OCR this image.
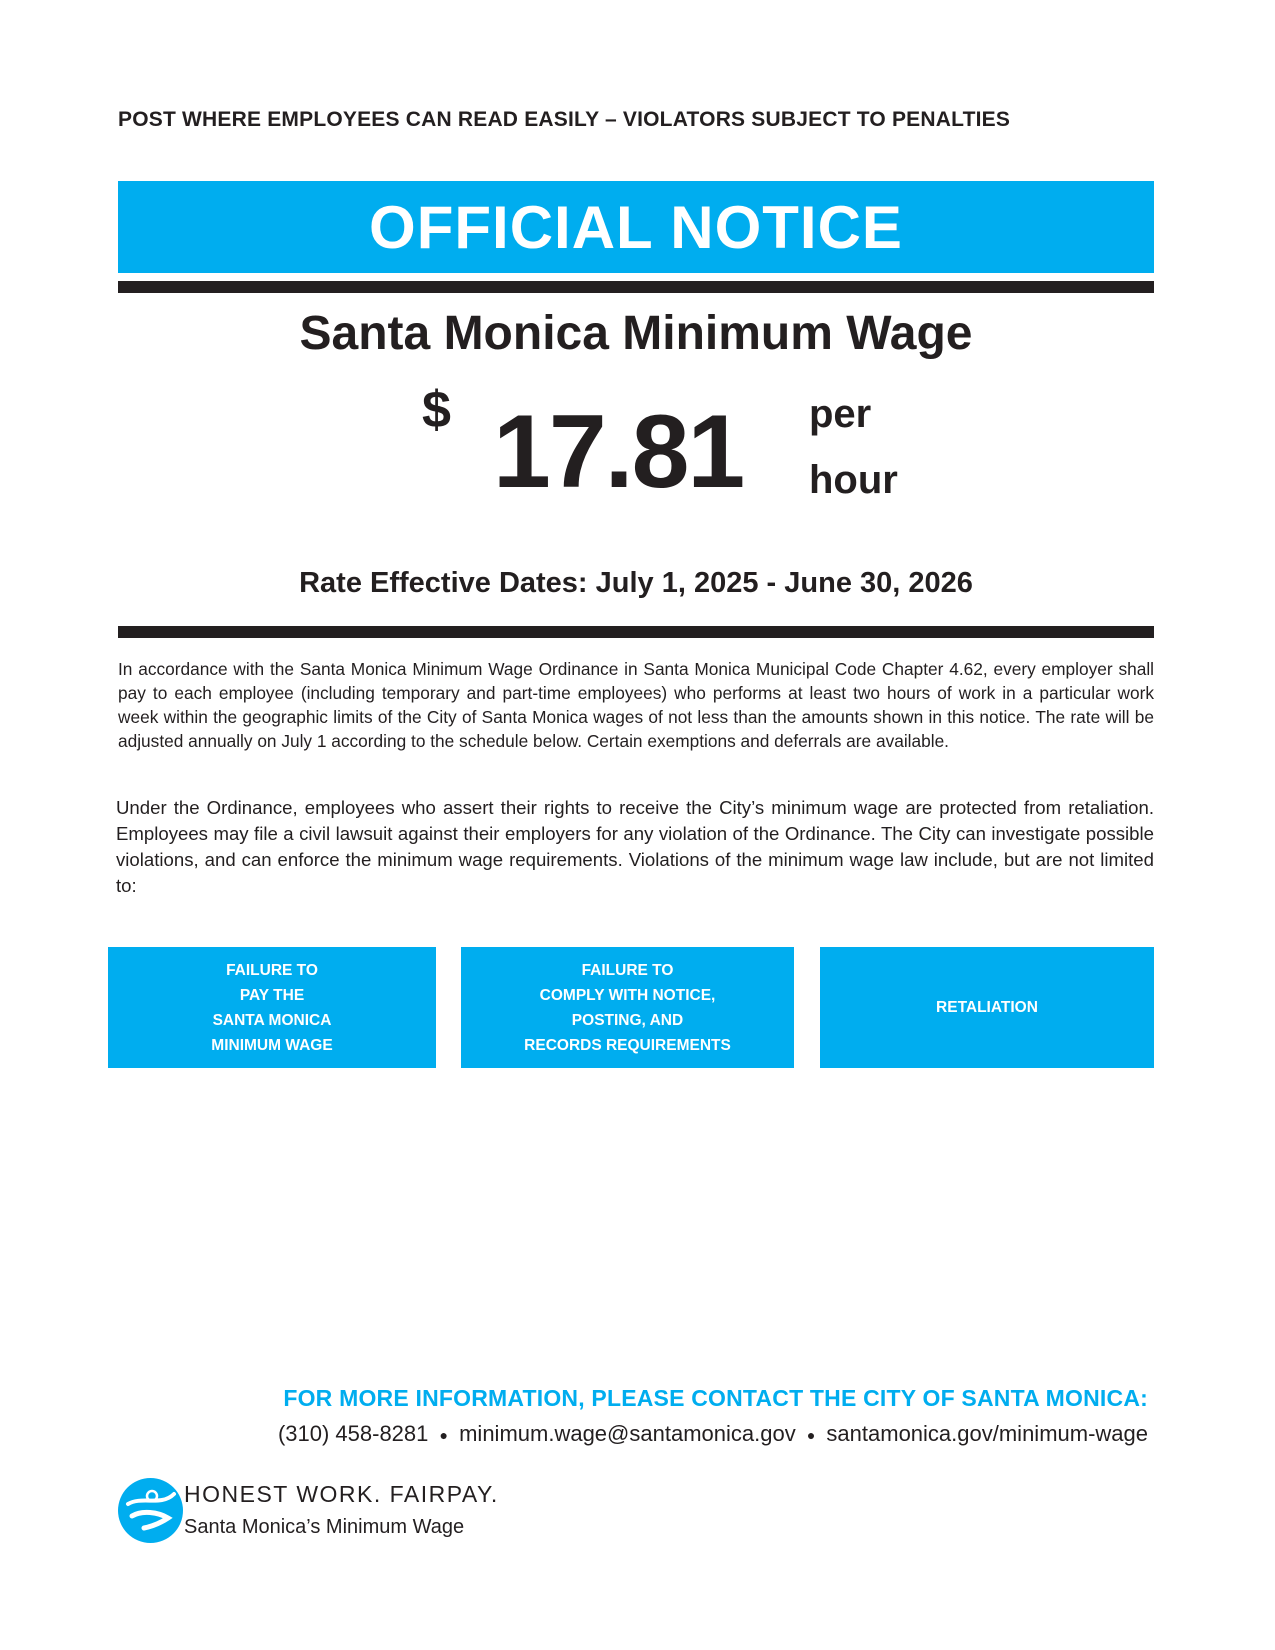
POST WHERE EMPLOYEES CAN READ EASILY – VIOLATORS SUBJECT TO PENALTIES
OFFICIAL NOTICE
Santa Monica Minimum Wage
$ 17.81 per
hour
Rate Effective Dates: July 1, 2025 - June 30, 2026
In accordance with the Santa Monica Minimum Wage Ordinance in Santa Monica Municipal Code Chapter 4.62, every employer shall pay to each employee (including temporary and part-time employees) who performs at least two hours of work in a particular work week within the geographic limits of the City of Santa Monica wages of not less than the amounts shown in this notice. The rate will be adjusted annually on July 1 according to the schedule below. Certain exemptions and deferrals are available.
Under the Ordinance, employees who assert their rights to receive the City’s minimum wage are protected from retaliation. Employees may file a civil lawsuit against their employers for any violation of the Ordinance. The City can investigate possible violations, and can enforce the minimum wage requirements. Violations of the minimum wage law include, but are not limited to:
FAILURE TO
PAY THE
SANTA MONICA
MINIMUM WAGE
FAILURE TO
COMPLY WITH NOTICE,
POSTING, AND
RECORDS REQUIREMENTS
RETALIATION
FOR MORE INFORMATION, PLEASE CONTACT THE CITY OF SANTA MONICA:
(310) 458-8281 ● minimum.wage@santamonica.gov ● santamonica.gov/minimum-wage
HONEST WORK. FAIRPAY.
Santa Monica’s Minimum Wage
